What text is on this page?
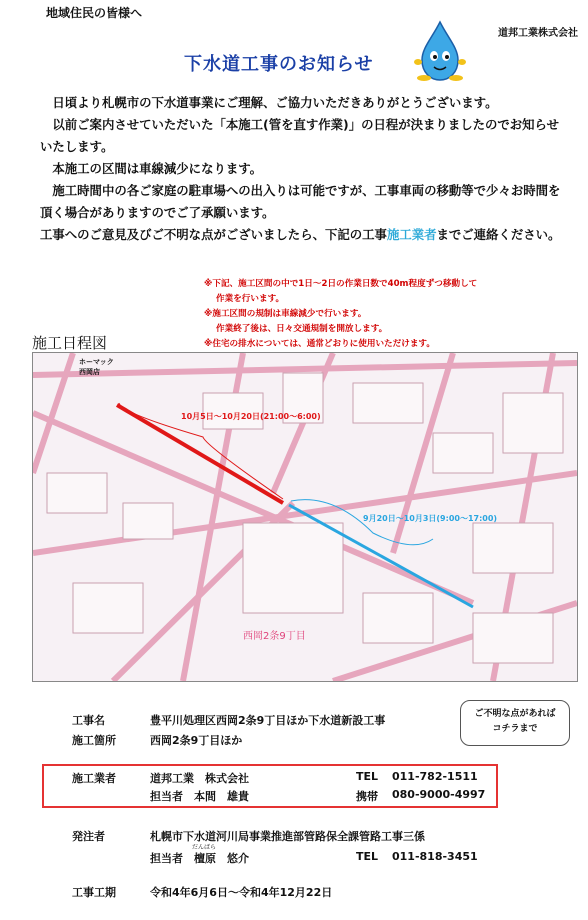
地域住民の皆様へ
道邦工業株式会社
下水道工事のお知らせ

日頃より札幌市の下水道事業にご理解、ご協力いただきありがとうございます。

以前ご案内させていただいた「本施工(管を直す作業)」の日程が決まりましたのでお知らせいたします。

本施工の区間は車線減少になります。

施工時間中の各ご家庭の駐車場への出入りは可能ですが、工事車両の移動等で少々お時間を頂く場合がありますのでご了承願います。

工事へのご意見及びご不明な点がございましたら、下記の工事施工業者までご連絡ください。

※下記、施工区間の中で1日～2日の作業日数で40m程度ずつ移動して

作業を行います。

※施工区間の規制は車線減少で行います。

作業終了後は、日々交通規制を開放します。

※住宅の排水については、通常どおりに使用いただけます。

施工日程図
ホーマック 西岡店
10月5日～10月20日(21:00～6:00)
9月20日～10月3日(9:00～17:00)
西岡2条9丁目
工事名	豊平川処理区西岡2条9丁目ほか下水道新設工事
施工箇所	西岡2条9丁目ほか
施工業者	道邦工業　株式会社	TEL 011-782-1511
担当者　本間　雄貴	携帯 080-9000-4997
ご不明な点があれば
コチラまで
発注者	札幌市下水道河川局事業推進部管路保全課管路工事三係
だんばら
担当者　檀原　悠介	TEL 011-818-3451
工事工期	令和4年6月6日～令和4年12月22日
